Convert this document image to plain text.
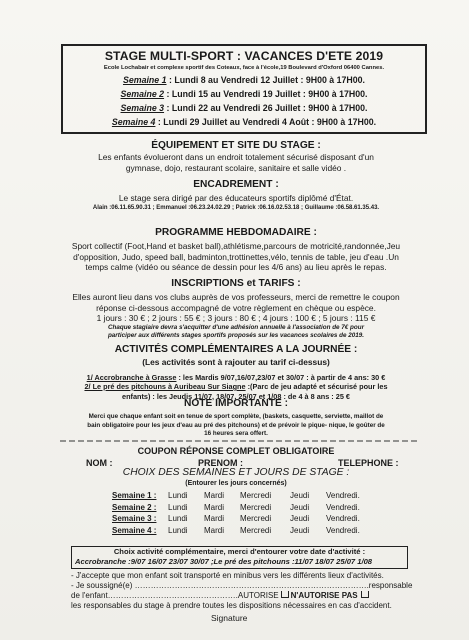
STAGE MULTI-SPORT : VACANCES D'ETE 2019
Ecole Lochabair et complexe sportif des Coteaux, face à l'école,19 Boulevard d'Oxford 06400 Cannes.
Semaine 1 : Lundi 8 au Vendredi 12 Juillet : 9H00 à 17H00.
Semaine 2 : Lundi 15 au Vendredi 19 Juillet : 9H00 à 17H00.
Semaine 3 : Lundi 22 au Vendredi 26 Juillet : 9H00 à 17H00.
Semaine 4 : Lundi 29 Juillet au Vendredi 4 Août : 9H00 à 17H00.
ÉQUIPEMENT ET SITE DU STAGE :
Les enfants évolueront dans un endroit totalement sécurisé disposant d'un
gymnase, dojo, restaurant scolaire, sanitaire et salle vidéo .
ENCADREMENT :
Le stage sera dirigé par des éducateurs sportifs diplômé d'État.
Alain :06.11.65.90.31 ; Emmanuel :06.23.24.02.29 ; Patrick :06.16.02.53.18 ; Guillaume :06.58.61.35.43.
PROGRAMME HEBDOMADAIRE :
Sport collectif (Foot,Hand et basket ball),athlétisme,parcours de motricité,randonnée,Jeu
d'opposition, Judo, speed ball, badminton,trottinettes,vélo, tennis de table, jeu d'eau .Un
temps calme (vidéo ou séance de dessin pour les 4/6 ans) au lieu après le repas.
INSCRIPTIONS et TARIFS :
Elles auront lieu dans vos clubs auprès de vos professeurs, merci de remettre le coupon
réponse ci-dessous accompagné de votre règlement en chèque ou espèce.
1 jours : 30 € ; 2 jours : 55 € ; 3 jours : 80 € ; 4 jours : 100 € ; 5 jours : 115 €
Chaque stagiaire devra s'acquitter d'une adhésion annuelle à l'association de 7€ pour
participer aux différents stages sportifs proposés sur les vacances scolaires de 2019.
ACTIVITÉS COMPLÉMENTAIRES A LA JOURNÉE :
(Les activités sont à rajouter au tarif ci-dessus)
1/ Accrobranche à Grasse : les Mardis 9/07,16/07,23/07 et 30/07 : à partir de 4 ans: 30 €
2/ Le pré des pitchouns à Auribeau Sur Siagne :(Parc de jeu adapté et sécurisé pour les
enfants) : les Jeudis 11/07, 18/07, 25/07 et 1/08 : de 4 à 8 ans : 25 €
NOTE IMPORTANTE :
Merci que chaque enfant soit en tenue de sport complète, (baskets, casquette, serviette, maillot de
bain obligatoire pour les jeux d'eau au pré des pitchouns) et de prévoir le pique- nique, le goûter de
16 heures sera offert.
COUPON RÉPONSE COMPLET OBLIGATOIRE
NOM :	PRENOM :	TELEPHONE :
CHOIX DES SEMAINES ET JOURS DE STAGE :
(Entourer les jours concernés)
Semaine 1 :	Lundi	Mardi	Mercredi	Jeudi	Vendredi.
Semaine 2 :	Lundi	Mardi	Mercredi	Jeudi	Vendredi.
Semaine 3 :	Lundi	Mardi	Mercredi	Jeudi	Vendredi.
Semaine 4 :	Lundi	Mardi	Mercredi	Jeudi	Vendredi.
Choix activité complémentaire, merci d'entourer votre date d'activité :
Accrobranche :9/07 16/07 23/07 30/07 ;Le pré des pitchouns :11/07 18/07 25/07 1/08
- J'accepte que mon enfant soit transporté en minibus vers les différents lieux d'activités.
- Je soussigné(e) …………………………………………………………………………….responsable
de l'enfant………………………………………….AUTORISE N'AUTORISE PAS
les responsables du stage à prendre toutes les dispositions nécessaires en cas d'accident.
Signature
